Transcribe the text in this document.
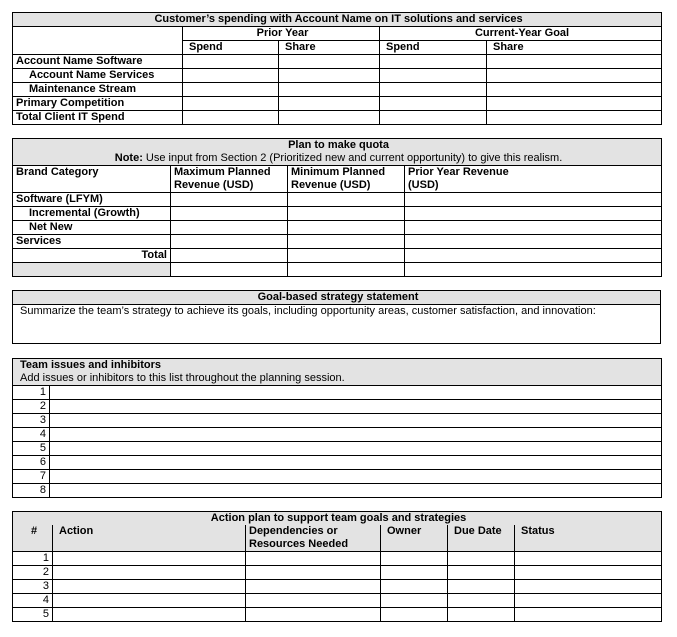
Customer’s spending with Account Name on IT solutions and services				
	Prior Year		Current-Year Goal	
	Spend	Share	Spend	Share
Account Name Software				
Account Name Services				
Maintenance Stream				
Primary Competition				
Total Client IT Spend				
Plan to make quota			
Note: Use input from Section 2 (Prioritized new and current opportunity) to give this realism.			
Brand Category	Maximum Planned Revenue (USD)	Minimum Planned Revenue (USD)	Prior Year Revenue (USD)
Software (LFYM)			
Incremental (Growth)			
Net New			
Services			
Total			

Goal-based strategy statement
Summarize the team’s strategy to achieve its goals, including opportunity areas, customer satisfaction, and innovation:
Team issues and inhibitors	
Add issues or inhibitors to this list throughout the planning session.	
1	
2	
3	
4	
5	
6	
7	
8	
Action plan to support team goals and strategies					
#	Action	Dependencies or Resources Needed	Owner	Due Date	Status
1					
2					
3					
4					
5					
